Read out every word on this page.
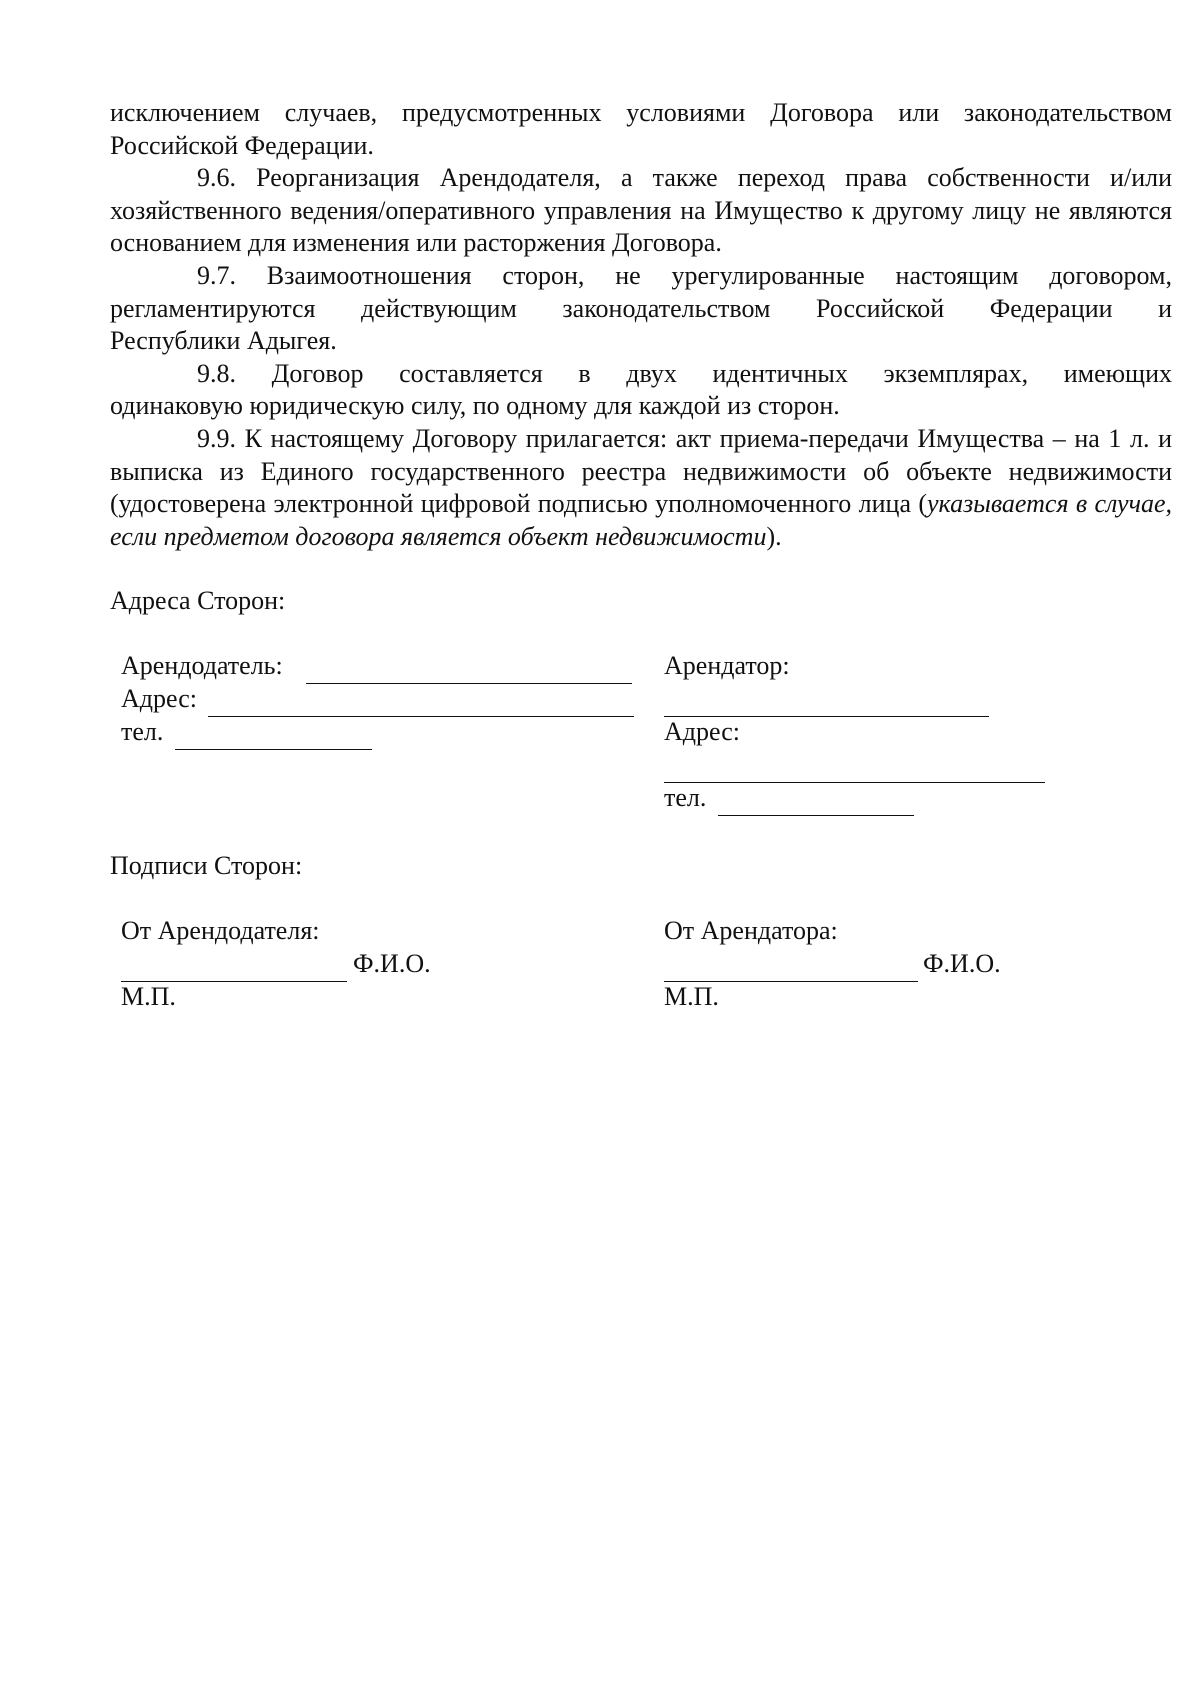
исключением случаев, предусмотренных условиями Договора или законодательством Российской Федерации.

9.6. Реорганизация Арендодателя, а также переход права собственности и/или хозяйственного ведения/оперативного управления на Имущество к другому лицу не являются основанием для изменения или расторжения Договора.

9.7. Взаимоотношения сторон, не урегулированные настоящим договором, регламентируются действующим законодательством Российской Федерации и

Республики Адыгея.

9.8. Договор составляется в двух идентичных экземплярах, имеющих

одинаковую юридическую силу, по одному для каждой из сторон.

9.9. К настоящему Договору прилагается: акт приема-передачи Имущества – на 1 л. и выписка из Единого государственного реестра недвижимости об объекте недвижимости (удостоверена электронной цифровой подписью уполномоченного лица (указывается в случае, если предметом договора является объект недвижимости).

Адреса Сторон:
Арендодатель:
Адрес:
тел.
Арендатор:
Адрес:
тел.
Подписи Сторон:
От Арендодателя:
Ф.И.О.
М.П.
От Арендатора:
Ф.И.О.
М.П.
